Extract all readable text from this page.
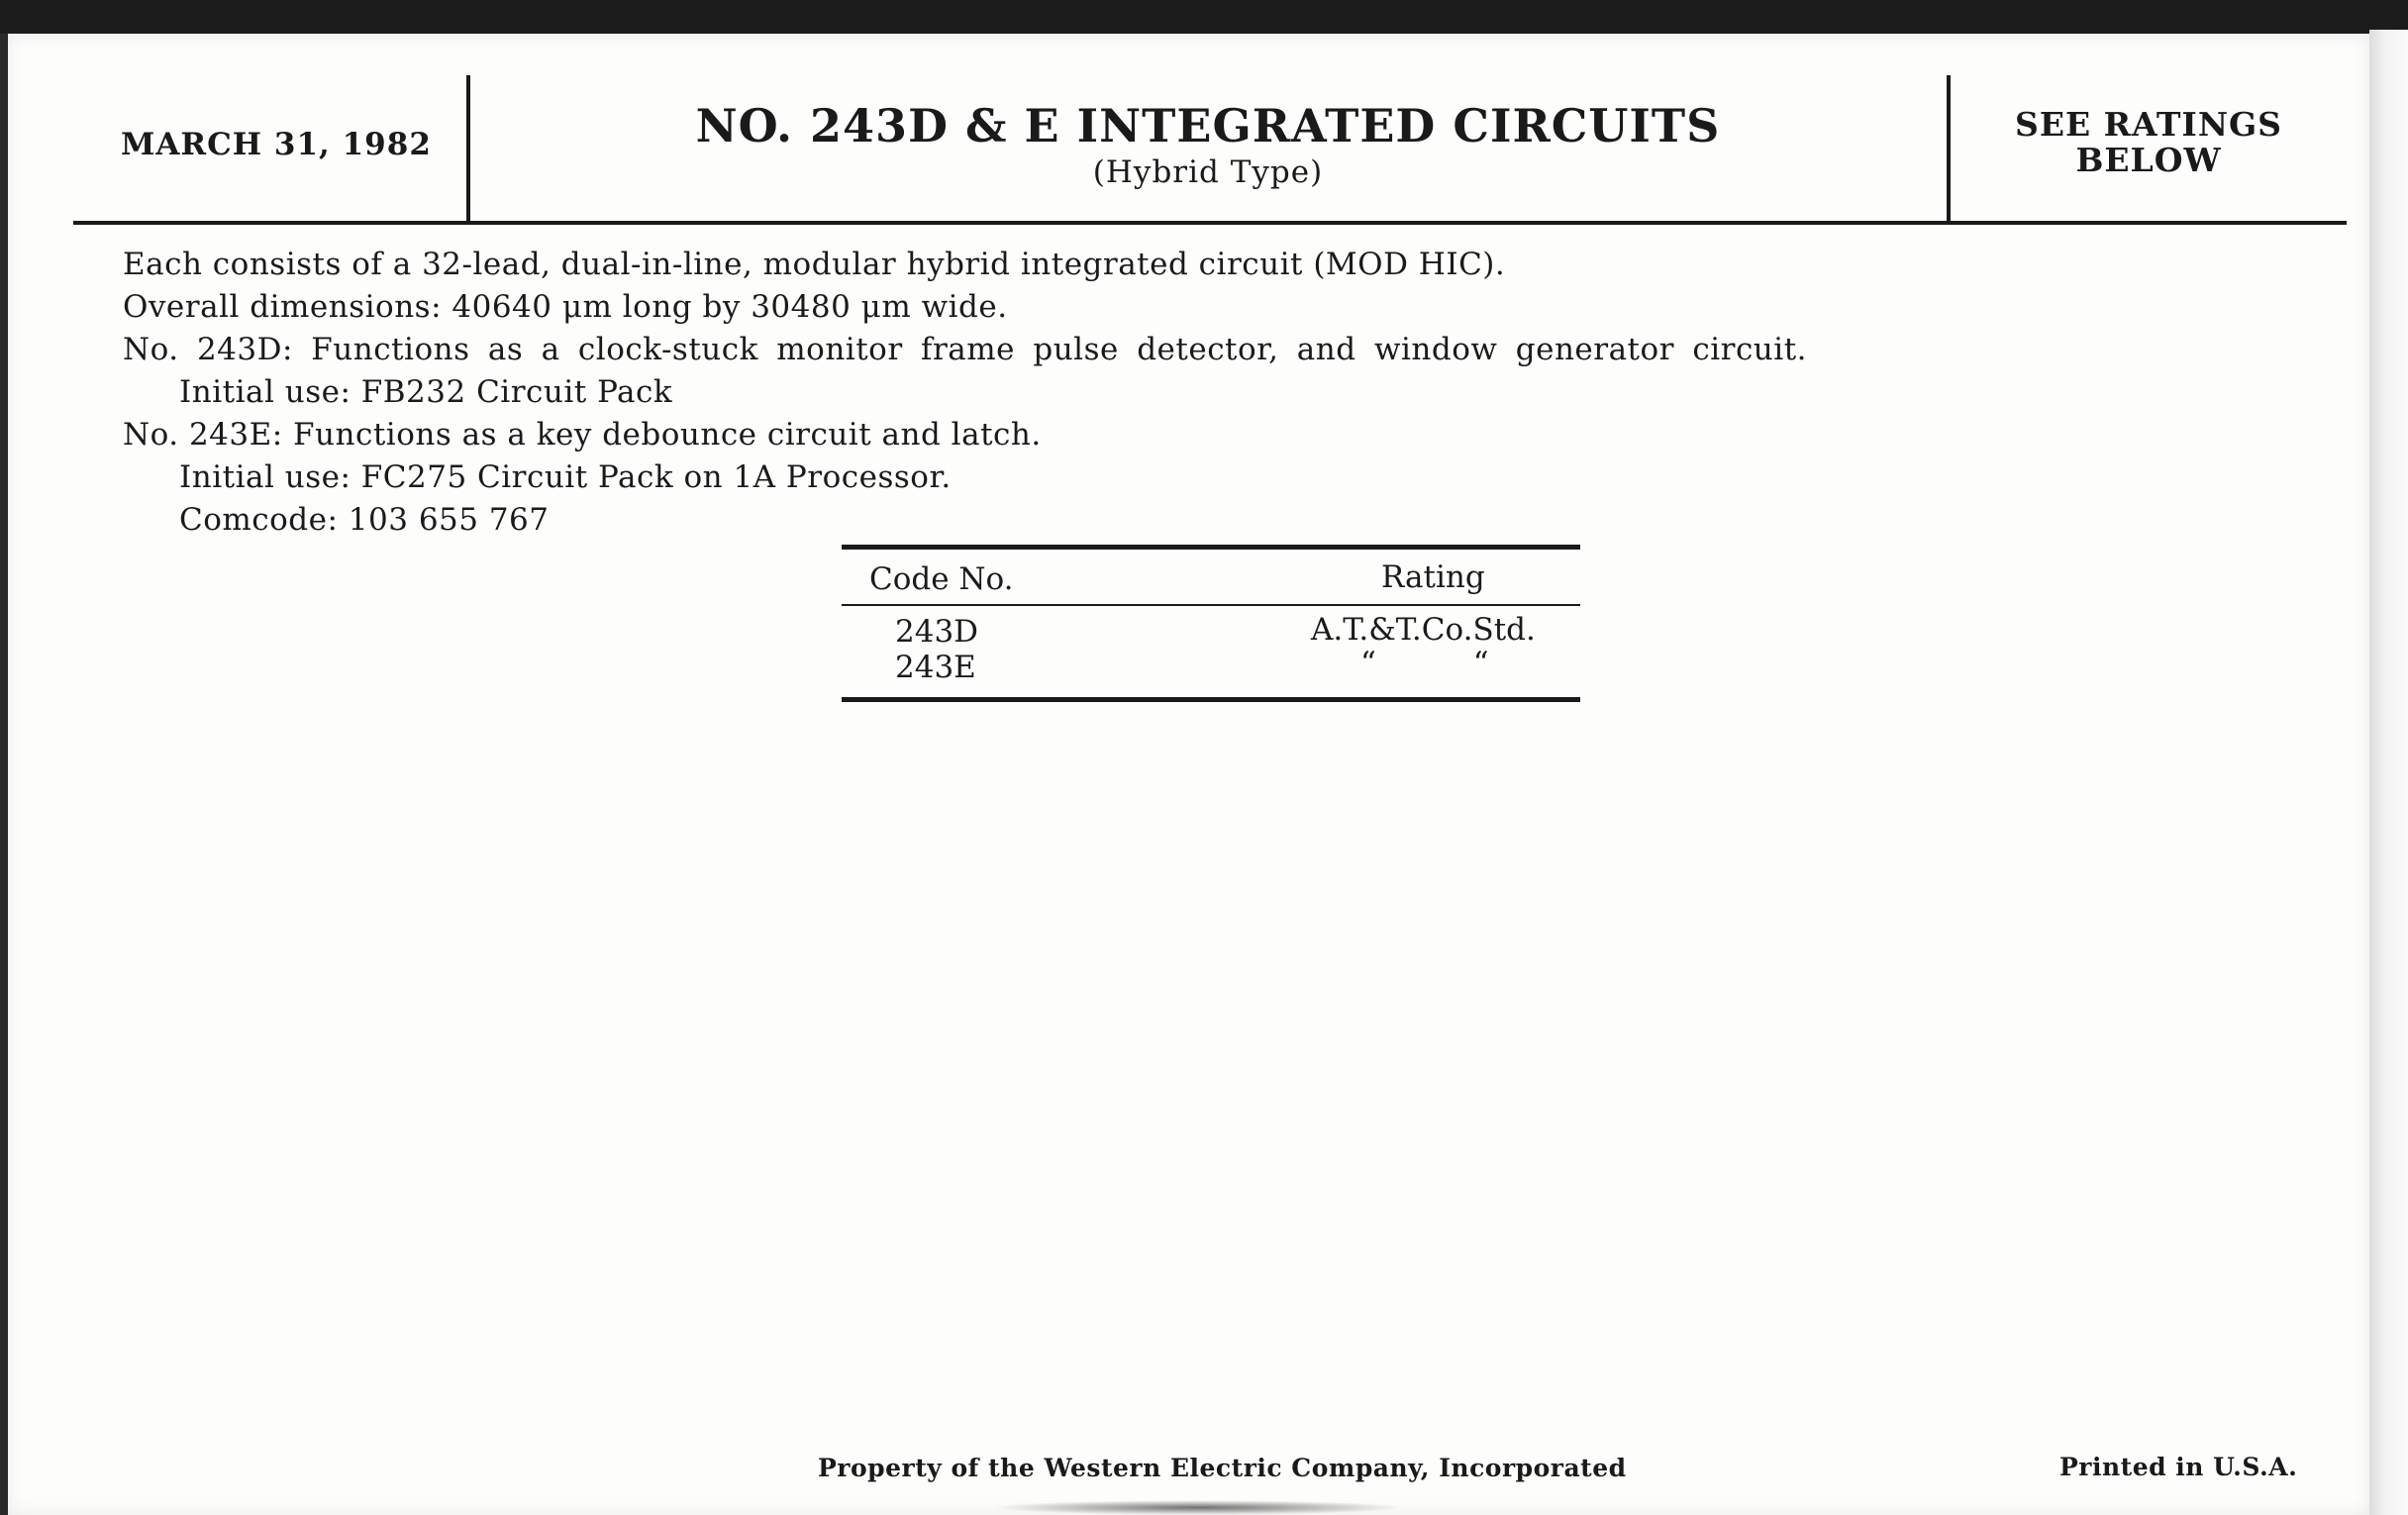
MARCH 31, 1982	NO. 243D & E INTEGRATED CIRCUITS
(Hybrid Type)
SEE RATINGS
BELOW
Each consists of a 32-lead, dual-in-line, modular hybrid integrated circuit (MOD HIC).
Overall dimensions: 40640 μm long by 30480 μm wide.
No. 243D: Functions as a clock-stuck monitor frame pulse detector, and window generator circuit.
Initial use: FB232 Circuit Pack
No. 243E: Functions as a key debounce circuit and latch.
Initial use: FC275 Circuit Pack on 1A Processor.
Comcode: 103 655 767
Code No.	Rating
243D	A.T.&T.Co.Std.
243E	“ “
Property of the Western Electric Company, Incorporated	Printed in U.S.A.
